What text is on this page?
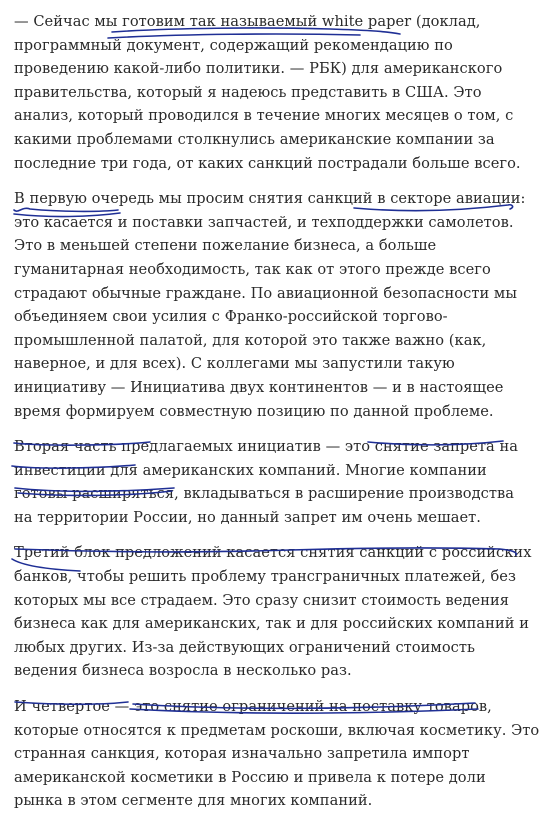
— Сейчас мы готовим так называемый white paper (доклад,
программный документ, содержащий рекомендацию по
проведению какой-либо политики. — РБК) для американского
правительства, который я надеюсь представить в США. Это
анализ, который проводился в течение многих месяцев о том, с
какими проблемами столкнулись американские компании за
последние три года, от каких санкций пострадали больше всего.

В первую очередь мы просим снятия санкций в секторе авиации:
это касается и поставки запчастей, и техподдержки самолетов.
Это в меньшей степени пожелание бизнеса, а больше
гуманитарная необходимость, так как от этого прежде всего
страдают обычные граждане. По авиационной безопасности мы
объединяем свои усилия с Франко-российской торгово-
промышленной палатой, для которой это также важно (как,
наверное, и для всех). С коллегами мы запустили такую
инициативу — Инициатива двух континентов — и в настоящее
время формируем совместную позицию по данной проблеме.

Вторая часть предлагаемых инициатив — это снятие запрета на
инвестиции для американских компаний. Многие компании
готовы расширяться, вкладываться в расширение производства
на территории России, но данный запрет им очень мешает.

Третий блок предложений касается снятия санкций с российских
банков, чтобы решить проблему трансграничных платежей, без
которых мы все страдаем. Это сразу снизит стоимость ведения
бизнеса как для американских, так и для российских компаний и
любых других. Из-за действующих ограничений стоимость
ведения бизнеса возросла в несколько раз.

И четвертое — это снятие ограничений на поставку товаров,
которые относятся к предметам роскоши, включая косметику. Это
странная санкция, которая изначально запретила импорт
американской косметики в Россию и привела к потере доли
рынка в этом сегменте для многих компаний.
